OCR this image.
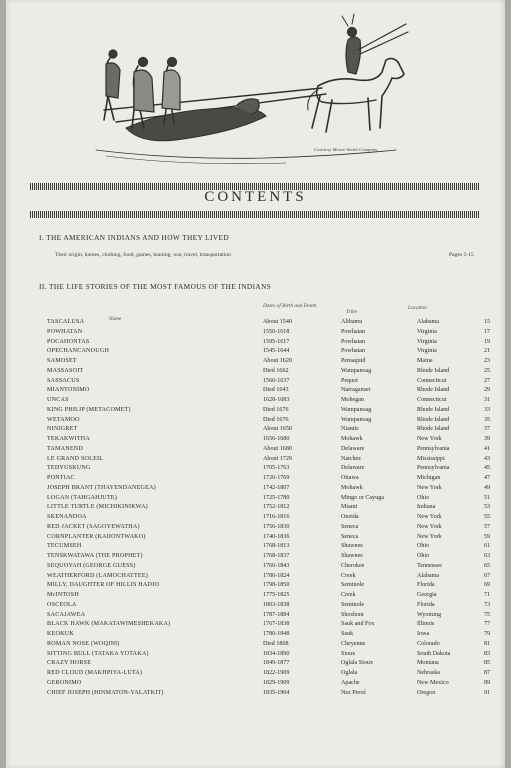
Courtesy Moore-Smith Company
CONTENTS
I. THE AMERICAN INDIANS AND HOW THEY LIVED
Their origin, homes, clothing, food, games, hunting, war, travel, transportation	Pages 5-15
II. THE LIFE STORIES OF THE MOST FAMOUS OF THE INDIANS
Name
Dates of Birth and Death
Tribe
Location
TASCALUSA	About 1540	Alibamu	Alabama	15
POWHATAN	1550-1618	Powhatan	Virginia	17
POCAHONTAS	1595-1617	Powhatan	Virginia	19
OPECHANCANOUGH	1545-1644	Powhatan	Virginia	21
SAMOSET	About 1620	Pemaquid	Maine	23
MASSASOIT	Died 1662	Wampanoag	Rhode Island	25
SASSACUS	1560-1637	Pequot	Connecticut	27
MIANTONIMO	Died 1643	Narraganset	Rhode Island	29
UNCAS	1628-1683	Mohegan	Connecticut	31
KING PHILIP (METACOMET)	Died 1676	Wampanoag	Rhode Island	33
WETAMOO	Died 1676	Wampanoag	Rhode Island	35
NINIGRET	About 1650	Niantic	Rhode Island	37
TEKAKWITHA	1656-1680	Mohawk	New York	39
TAMANEND	About 1680	Delaware	Pennsylvania	41
LE GRAND SOLEIL	About 1729	Natchez	Mississippi	43
TEDYUSKUNG	1705-1763	Delaware	Pennsylvania	45
PONTIAC	1720-1769	Ottawa	Michigan	47
JOSEPH BRANT (THAYENDANEGEA)	1742-1807	Mohawk	New York	49
LOGAN (TAHGAHJUTE)	1725-1780	Mingo or Cayuga	Ohio	51
LITTLE TURTLE (MICHIKINIKWA)	1752-1812	Miami	Indiana	53
SKENANDOA	1716-1816	Oneida	New York	55
RED JACKET (SAGOYEWATHA)	1756-1830	Seneca	New York	57
CORNPLANTER (KAIIONTWAKO)	1740-1836	Seneca	New York	59
TECUMSEH	1768-1813	Shawnee	Ohio	61
TENSKWATAWA (THE PROPHET)	1768-1837	Shawnee	Ohio	63
SEQUOYAH (GEORGE GUESS)	1760-1843	Cherokee	Tennessee	65
WEATHERFORD (LAMOCHATTEE)	1780-1824	Creek	Alabama	67
MILLY, DAUGHTER OF HILLIS HADJO	1798-1850	Seminole	Florida	69
McINTOSH	1775-1825	Creek	Georgia	71
OSCEOLA	1803-1838	Seminole	Florida	73
SACAJAWEA	1787-1884	Shoshoni	Wyoming	75
BLACK HAWK (MAKATAWIMESHEKAKA)	1767-1838	Sauk and Fox	Illinois	77
KEOKUK	1780-1848	Sauk	Iowa	79
ROMAN NOSE (WOQINI)	Died 1868	Cheyenne	Colorado	81
SITTING BULL (TATAKA YOTAKA)	1834-1890	Sioux	South Dakota	83
CRAZY HORSE	1849-1877	Oglala Sioux	Montana	85
RED CLOUD (MAKHPIYA-LUTA)	1822-1909	Oglala	Nebraska	87
GERONIMO	1829-1909	Apache	New Mexico	89
CHIEF JOSEPH (HINMATON-YALATKIT)	1835-1904	Nez Percé	Oregon	91
